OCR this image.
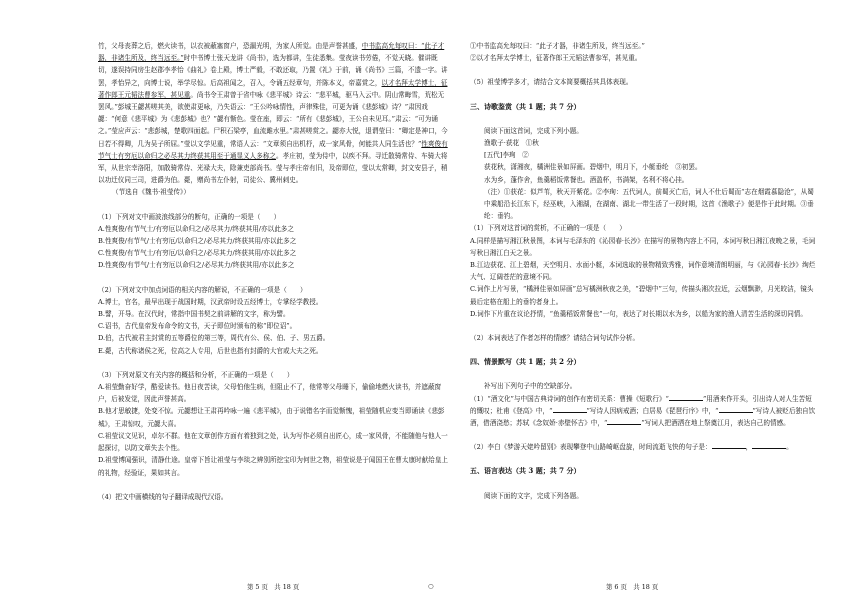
竹，父母丧葬之后，燃火读书，以衣被蔽塞窗户，恐漏光明，为家人所觉。由是声誉甚盛，中书监高允每叹曰：“此子才器，非诸生所及，终当远至。”时中书博士张天龙讲《尚书》，选为都讲，生徒悉集。莹夜读书劳倦，不觉天晓。催讲既切，遂误持同房生赵郡李孝怡《曲礼》卷上殿，博士严毅，不敢还取，乃置《礼》于前，诵《尚书》三篇，不遗一字。讲罢，孝怡异之，向博士说，举学尽惊。后高祖闻之，召入，令诵五经章句，并陈本义，帝嘉赏之，以才名拜太学博士，征著作郎王元韬法曹参军，甚见重。尚书令王肃曾于省中咏《悲平城》诗云：“悲平城，驱马入云中。阴山常晦雪，荒松无罢风。”彭城王勰甚嗟其美，欲使肃更咏，乃失语云：“王公吟咏情性，声律殊佳，可更为诵《悲彭城》诗？”肃因戏勰：“何意《悲平城》为《悲彭城》也？”勰有惭色。莹在座，即云：“所有《悲彭城》，王公自未见耳。”肃云：“可为诵之。”莹应声云：“悲彭城，楚歌四面起。尸积石梁亭，血流雎水里。”肃甚嗟赏之。勰亦大悦，退谓莹曰：“卿定是神口，今日若不得卿，几为吴子所屈。”莹以文学见重，常语人云：“文章须自出机杼，成一家风骨，何能共人同生活也？”性爽俊有节气士有穷厄以命归之必尽其力终获其用至于通显义人多称之。孝庄初，莹为侍中，以疾不拜。寻迁散骑常侍、车骑大将军，从世宗幸洛阳，加散骑常侍、光禄大夫，除兼吏部尚书。莹与孝庄帝有旧，及帝即位，莹以太常卿，封文安县子，稍以功迁仪同三司，进爵为伯。薨，赠尚书左仆射，司徒公、冀州刺史。

（节选自《魏书·祖莹传》）

（1）下列对文中画波浪线部分的断句，正确的一项是（　　）

A.性爽俊/有节气士/有穷厄以命归之/必尽其力/终获其用/亦以此多之

B.性爽俊/有节气/士有穷厄/以命归之/必尽其力/终获其用/亦以此多之

C.性爽俊/有节气士/有穷厄/以命归之/必尽其力/终获其用/亦以此多之

D.性爽俊/有节气/士有穷厄以命归之/必尽其力/终获其用/亦以此多之

（2）下列对文中加点词语的相关内容的解说，不正确的一项是（　　）

A.博士，官名，最早出现于战国时期，汉武帝时设五经博士，专掌经学教授。

B.譬，开导。在汉代时，常指中国书契之前讲解的文字，称为譬。

C.诏书，古代皇帝发布命令的文书，天子即位时颁布的称“即位诏”。

D.伯，古代被君主封赏的五等爵位的第三等，周代有公、侯、伯、子、男五爵。

E.薨，古代称诸侯之死，位高之人专用，后世也指有封爵的大官或大夫之死。

（3）下列对原文有关内容的概括和分析，不正确的一项是（　　）

A.祖莹勤奋好学，酷爱读书。他日夜苦读，父母怕他生病，但阻止不了，他常等父母睡下，偷偷地燃火读书，并遮蔽窗户，后被发觉，因此声誉甚高。

B.他才思敏捷，处变不惊。元勰想让王肃再吟咏一遍《悲平城》，由于说错名字而觉惭愧，祖莹随机应变当即诵读《悲彭城》，王肃惊叹，元勰大喜。

C.祖莹议文见识，卓尔不群。他在文章创作方面有着独到之处，认为写作必须自出匠心，成一家风骨，不能随他与他人一起探讨，以防文章失去个性。

D.祖莹博闻强识，清静仕途。皇帝下旨让祖莹与李琰之辨别所挖宝印为何世之物，祖莹说是于闻国王在曹太康时献给皇上的礼物，经验证，果如其言。

（4）把文中画横线的句子翻译成现代汉语。

①中书监高允每叹曰：“此子才器，非诸生所及，终当远至。”

②以才名拜太学博士，征著作郎王元韬法曹参军，甚见重。

（5）祖莹博学多才，请结合文本简要概括其具体表现。

三、诗歌鉴赏（共 1 题；共 7 分）

阅读下面这首词，完成下列小题。

渔歌子·获花　①秋

[五代]李珣　②

获花秋，潇湘夜，橘洲佳景如屏画。碧烟中，明月下，小艇垂纶　③初罢。

水为乡，蓬作舍，鱼羹稻饭常餐也。酒盈杯，书满架，名利不将心挂。

（注）①获花：似芦苇，秋天开紫花。②李珣：五代词人，前蜀灭亡后，词人不仕后蜀而“志在烟霞慕隐沧”，从蜀中乘船沿长江东下，经巫峡，入湘湖，在湖南、湖北一带生活了一段时期，这首《渔歌子》便是作于此时期。③垂纶：垂钓。

（1）下列对这首词的赏析，不正确的一项是（　　）

A.同样是描写湘江秋景图，本词与毛泽东的《沁园春·长沙》在描写的景物内容上不同，本词写秋日湘江夜晚之景，毛词写秋日湘江白天之景。

B.江边获花、江上碧烟，天空明月、水面小艇，本词选取的景物精致秀雅，词作意境清朗明丽，与《沁园春·长沙》绚烂大气、辽阔苍茫的意境不同。

C.词作上片写景，“橘洲佳景如屏画”总写橘洲秋夜之美，“碧烟中”三句，传描头湘次拉近，云烟飘渺，月光皎洁，镜头最后定格在船上的垂钓者身上。

D.词作下片重在议论抒情，“鱼羹稻饭常餐也”一句，表达了对长期以水为乡，以船为家的渔人清苦生活的深切同情。

（2）本词表达了作者怎样的情感？请结合词句试作分析。

四、情景默写（共 1 题；共 2 分）

补写出下列句子中的空缺部分。

（1）“酒文化”与中国古典诗词的创作有密切关系：曹操《短歌行》“	”用酒来作开头，引出诗人对人生苦短的慨叹；杜甫《登高》中，“	”写诗人因病戒酒；白居易《琵琶行序》中，“	”写诗人被贬后独自饮酒，借酒浇愁；苏轼《念奴娇·赤壁怀古》中，“	”写词人把酒洒在地上祭奠江月，表达自己的情感。

（2）李白《梦游天姥吟留别》表现攀登中山路崎岖盘旋，时间流逝飞快的句子是：	，	。

五、语言表达（共 3 题；共 7 分）

阅读下面的文字，完成下列各题。

第 5 页　共 18 页	○	第 6 页　共 18 页
